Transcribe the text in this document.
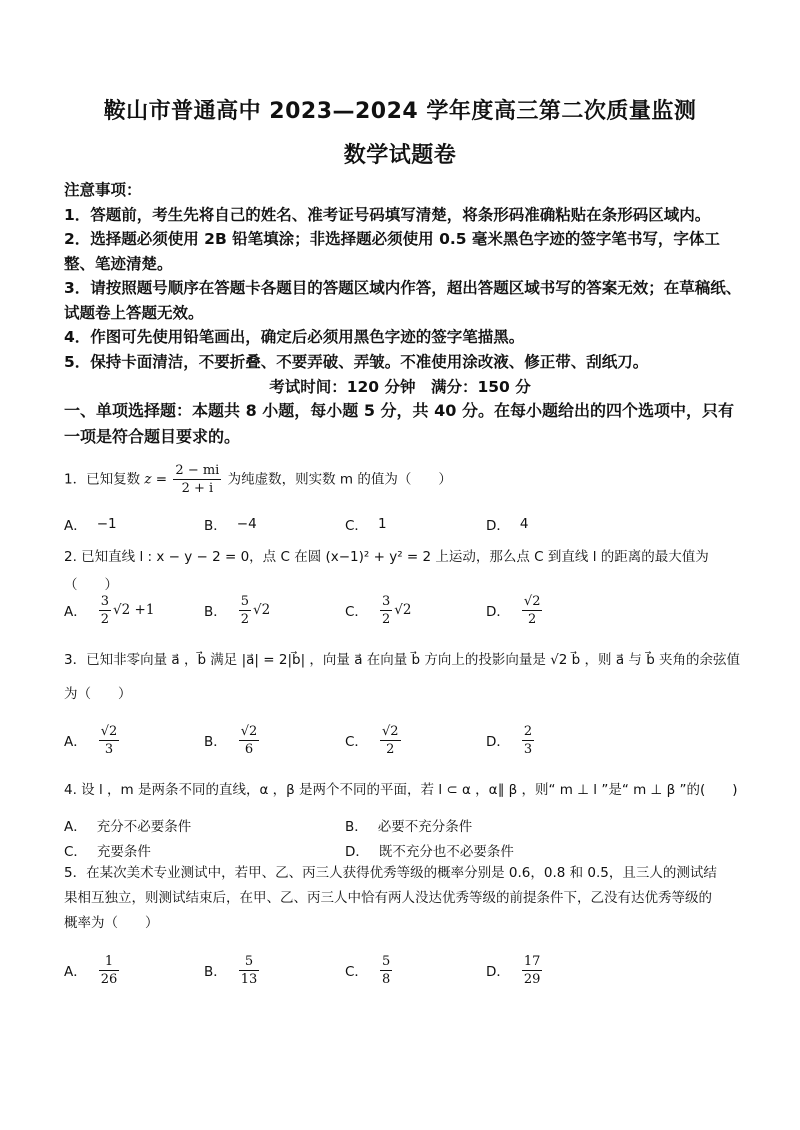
鞍山市普通高中 2023—2024 学年度高三第二次质量监测
数学试题卷
注意事项：
1．答题前，考生先将自己的姓名、准考证号码填写清楚，将条形码准确粘贴在条形码区域内。
2．选择题必须使用 2B 铅笔填涂；非选择题必须使用 0.5 毫米黑色字迹的签字笔书写，字体工整、笔迹清楚。
3．请按照题号顺序在答题卡各题目的答题区域内作答，超出答题区域书写的答案无效；在草稿纸、试题卷上答题无效。
4．作图可先使用铅笔画出，确定后必须用黑色字迹的签字笔描黑。
5．保持卡面清洁，不要折叠、不要弄破、弄皱。不准使用涂改液、修正带、刮纸刀。
考试时间：120 分钟　满分：150 分
一、单项选择题：本题共 8 小题，每小题 5 分，共 40 分。在每小题给出的四个选项中，只有一项是符合题目要求的。
1．已知复数 $z = \frac{2 - mi}{2 + i}$ 为纯虚数，则实数 m 的值为（　　）
A． −1	B． −4	C． 1	D． 4
2. 已知直线 l : x − y − 2 = 0，点 C 在圆 (x−1)² + y² = 2 上运动，那么点 C 到直线 l 的距离的最大值为（　　）
A． $\frac{3}{2} √2 +1$	B． $\frac{5}{2} √2$	C． $\frac{3}{2} √2$	D． $\frac{√2}{2}$
3．已知非零向量 a⃗ ，b⃗ 满足 |a⃗| = 2|b⃗| ，向量 a⃗ 在向量 b⃗ 方向上的投影向量是 √2 b⃗ ，则 a⃗ 与 b⃗ 夹角的余弦值
为（　　）
A． $\frac{√2}{3}$	B． $\frac{√2}{6}$	C． $\frac{√2}{2}$	D． $\frac{2}{3}$
4. 设 l ，m 是两条不同的直线，α ，β 是两个不同的平面，若 l ⊂ α ，α∥ β ，则“ m ⊥ l ”是“ m ⊥ β ”的(　　)
A． 充分不必要条件	B． 必要不充分条件
C． 充要条件	D． 既不充分也不必要条件
5．在某次美术专业测试中，若甲、乙、丙三人获得优秀等级的概率分别是 0.6，0.8 和 0.5，且三人的测试结
果相互独立，则测试结束后，在甲、乙、丙三人中恰有两人没达优秀等级的前提条件下，乙没有达优秀等级的
概率为（　　）
A． $\frac{1}{26}$	B． $\frac{5}{13}$	C． $\frac{5}{8}$	D． $\frac{17}{29}$
